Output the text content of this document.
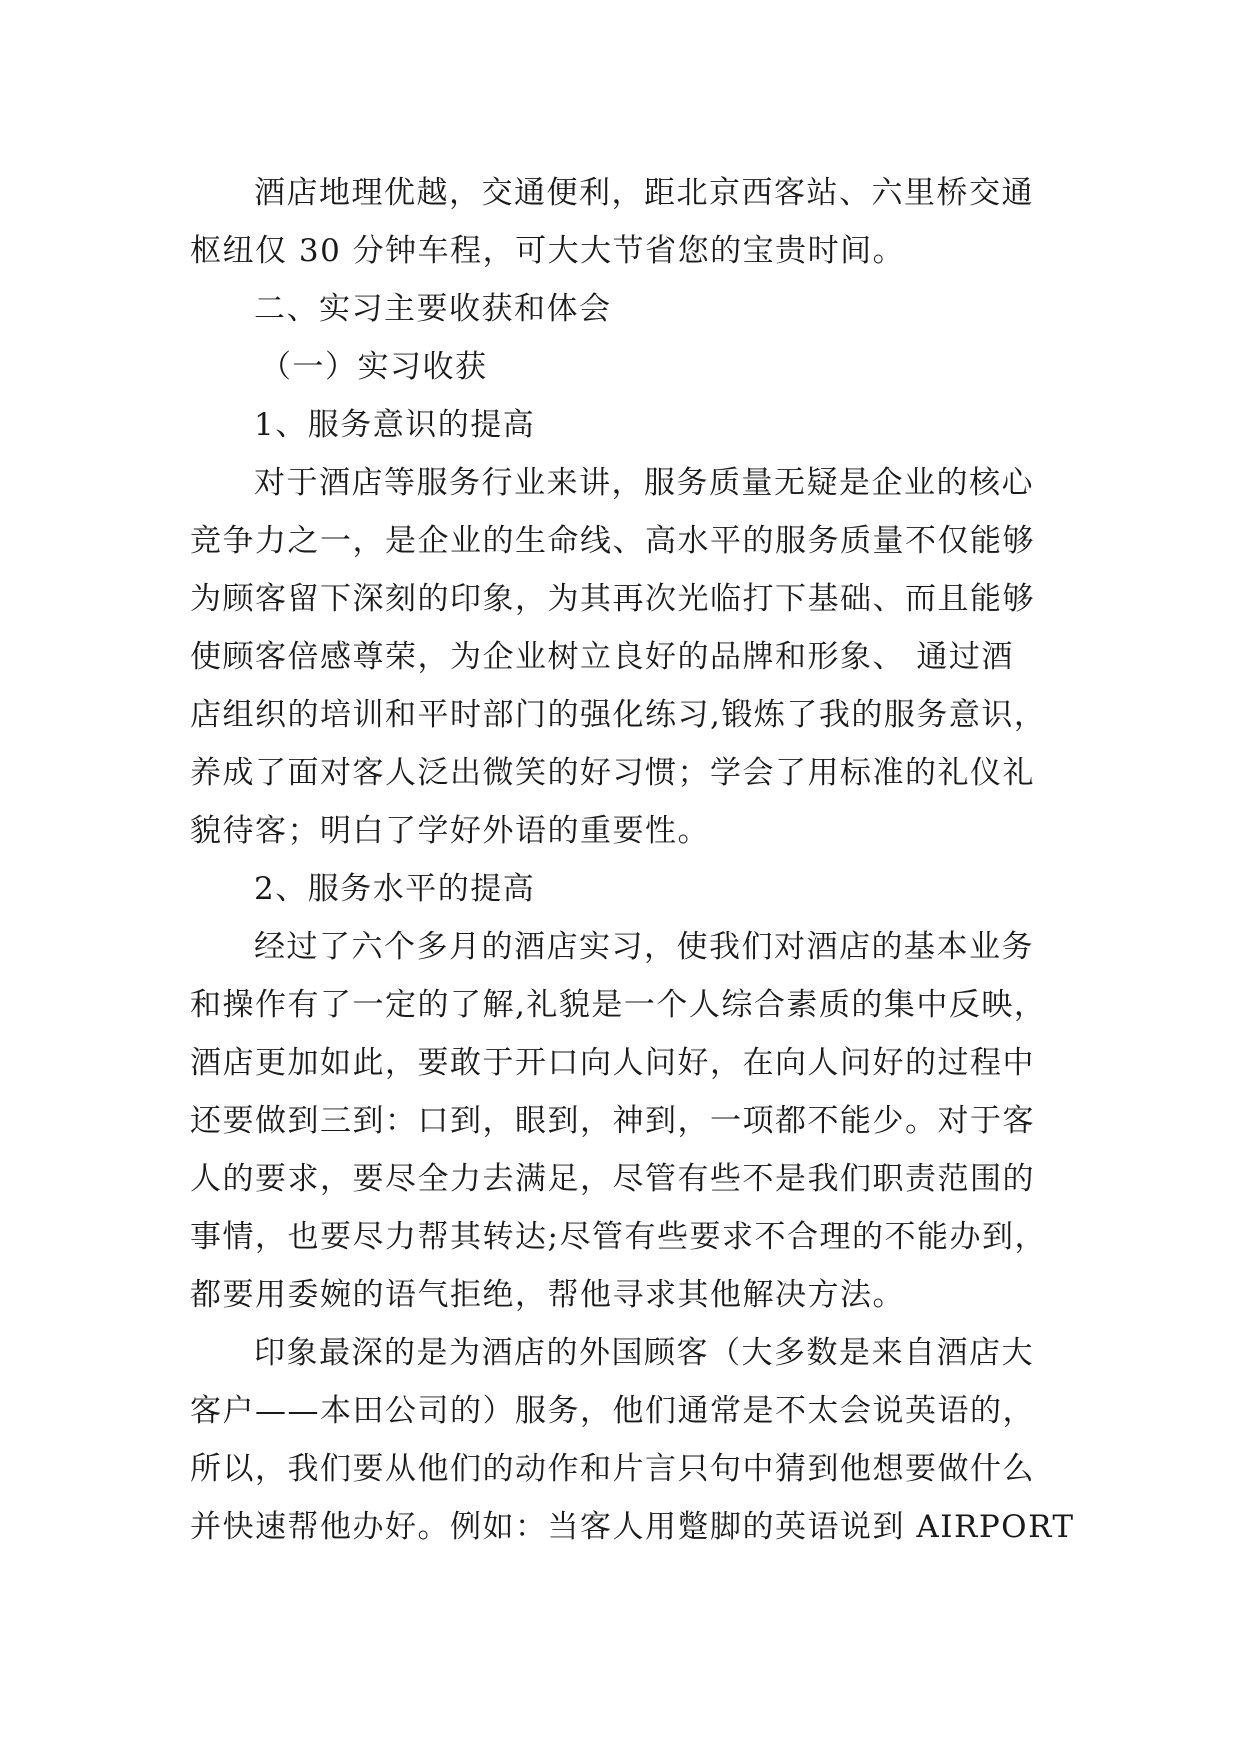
酒店地理优越，交通便利，距北京西客站、六里桥交通
枢纽仅 30 分钟车程，可大大节省您的宝贵时间。
二、实习主要收获和体会
（一）实习收获
1、服务意识的提高
对于酒店等服务行业来讲，服务质量无疑是企业的核心
竞争力之一，是企业的生命线、高水平的服务质量不仅能够
为顾客留下深刻的印象，为其再次光临打下基础、而且能够
使顾客倍感尊荣，为企业树立良好的品牌和形象、 通过酒
店组织的培训和平时部门的强化练习,锻炼了我的服务意识，
养成了面对客人泛出微笑的好习惯；学会了用标准的礼仪礼
貌待客；明白了学好外语的重要性。
2、服务水平的提高
经过了六个多月的酒店实习，使我们对酒店的基本业务
和操作有了一定的了解,礼貌是一个人综合素质的集中反映，
酒店更加如此，要敢于开口向人问好，在向人问好的过程中
还要做到三到：口到，眼到，神到，一项都不能少。对于客
人的要求，要尽全力去满足，尽管有些不是我们职责范围的
事情，也要尽力帮其转达;尽管有些要求不合理的不能办到，
都要用委婉的语气拒绝，帮他寻求其他解决方法。
印象最深的是为酒店的外国顾客（大多数是来自酒店大
客户——本田公司的）服务，他们通常是不太会说英语的，
所以，我们要从他们的动作和片言只句中猜到他想要做什么
并快速帮他办好。例如：当客人用蹩脚的英语说到 AIRPORT
